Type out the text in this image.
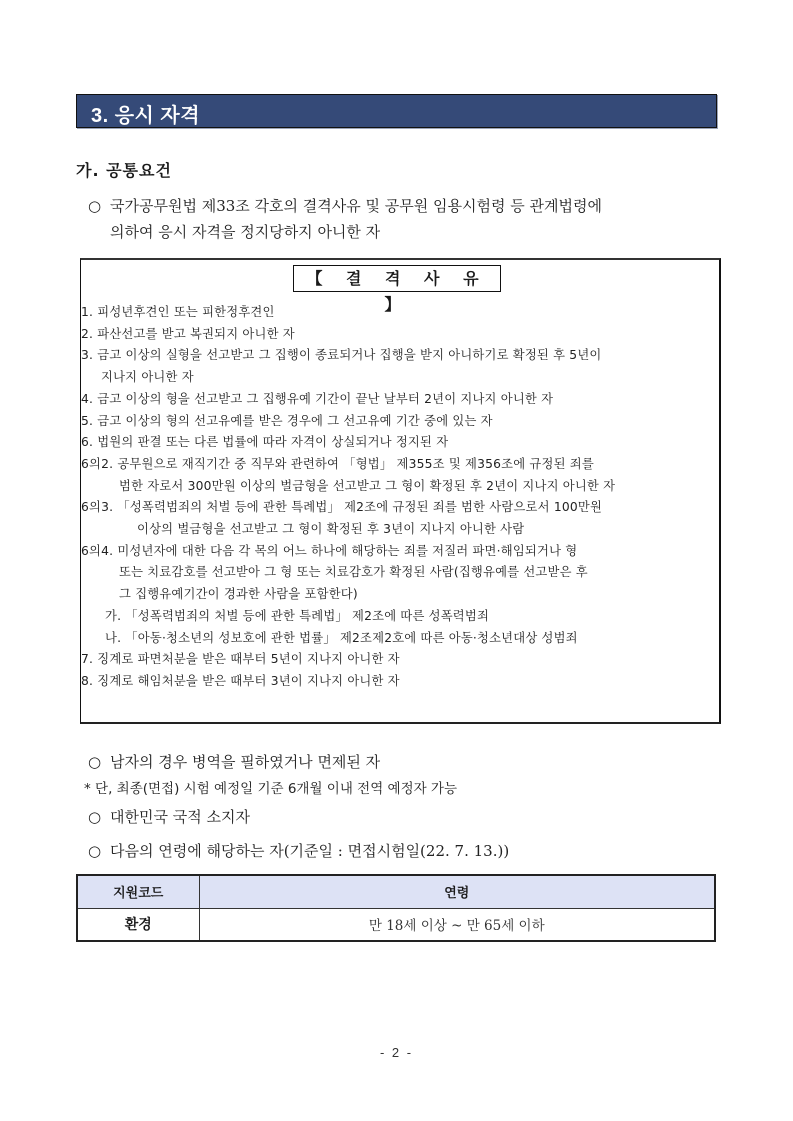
3. 응시 자격
가. 공통요건
○ 국가공무원법 제33조 각호의 결격사유 및 공무원 임용시험령 등 관계법령에
의하여 응시 자격을 정지당하지 아니한 자
【 결 격 사 유 】
1. 피성년후견인 또는 피한정후견인
2. 파산선고를 받고 복권되지 아니한 자
3. 금고 이상의 실형을 선고받고 그 집행이 종료되거나 집행을 받지 아니하기로 확정된 후 5년이
지나지 아니한 자
4. 금고 이상의 형을 선고받고 그 집행유예 기간이 끝난 날부터 2년이 지나지 아니한 자
5. 금고 이상의 형의 선고유예를 받은 경우에 그 선고유예 기간 중에 있는 자
6. 법원의 판결 또는 다른 법률에 따라 자격이 상실되거나 정지된 자
6의2. 공무원으로 재직기간 중 직무와 관련하여 「형법」 제355조 및 제356조에 규정된 죄를
범한 자로서 300만원 이상의 벌금형을 선고받고 그 형이 확정된 후 2년이 지나지 아니한 자
6의3. 「성폭력범죄의 처벌 등에 관한 특례법」 제2조에 규정된 죄를 범한 사람으로서 100만원
이상의 벌금형을 선고받고 그 형이 확정된 후 3년이 지나지 아니한 사람
6의4. 미성년자에 대한 다음 각 목의 어느 하나에 해당하는 죄를 저질러 파면·해임되거나 형
또는 치료감호를 선고받아 그 형 또는 치료감호가 확정된 사람(집행유예를 선고받은 후
그 집행유예기간이 경과한 사람을 포함한다)
가. 「성폭력범죄의 처벌 등에 관한 특례법」 제2조에 따른 성폭력범죄
나. 「아동·청소년의 성보호에 관한 법률」 제2조제2호에 따른 아동·청소년대상 성범죄
7. 징계로 파면처분을 받은 때부터 5년이 지나지 아니한 자
8. 징계로 해임처분을 받은 때부터 3년이 지나지 아니한 자
○ 남자의 경우 병역을 필하였거나 면제된 자
* 단, 최종(면접) 시험 예정일 기준 6개월 이내 전역 예정자 가능
○ 대한민국 국적 소지자
○ 다음의 연령에 해당하는 자(기준일 : 면접시험일(22. 7. 13.))
지원코드	연령
환경	만 18세 이상 ~ 만 65세 이하
- 2 -
